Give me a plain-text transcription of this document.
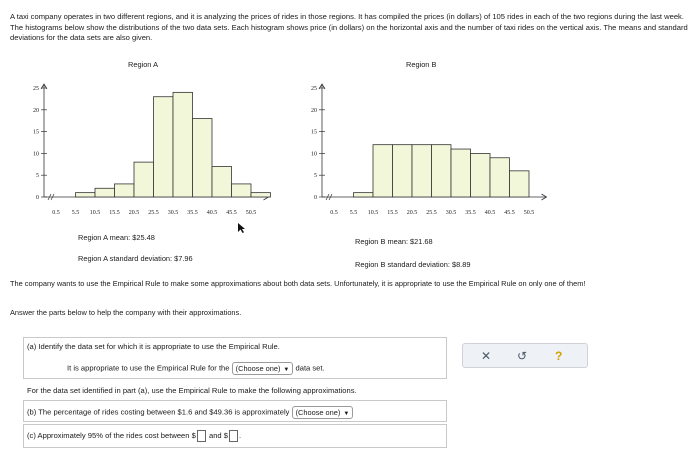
A taxi company operates in two different regions, and it is analyzing the prices of rides in those regions. It has compiled the prices (in dollars) of 105 rides in each of the two regions during the last week. The histograms below show the distributions of the two data sets. Each histogram shows price (in dollars) on the horizontal axis and the number of taxi rides on the vertical axis. The means and standard deviations for the data sets are also given.
Region A	Region B
0
5
10
15
20
25
0.5 5.5 10.5 15.5 20.5 25.5 30.5 35.5 40.5 45.5 50.5
0
5
10
15
20
25
0.5 5.5 10.5 15.5 20.5 25.5 30.5 35.5 40.5 45.5 50.5
Region A mean: $25.48
Region A standard deviation: $7.96
Region B mean: $21.68
Region B standard deviation: $8.89
The company wants to use the Empirical Rule to make some approximations about both data sets. Unfortunately, it is appropriate to use the Empirical Rule on only one of them!
Answer the parts below to help the company with their approximations.
(a) Identify the data set for which it is appropriate to use the Empirical Rule.
It is appropriate to use the Empirical Rule for the (Choose one) ▼ data set.
For the data set identified in part (a), use the Empirical Rule to make the following approximations.
(b) The percentage of rides costing between $1.6 and $49.36 is approximately (Choose one) ▼
(c) Approximately 95% of the rides cost between $ and $ .
✕ ↺ ?
